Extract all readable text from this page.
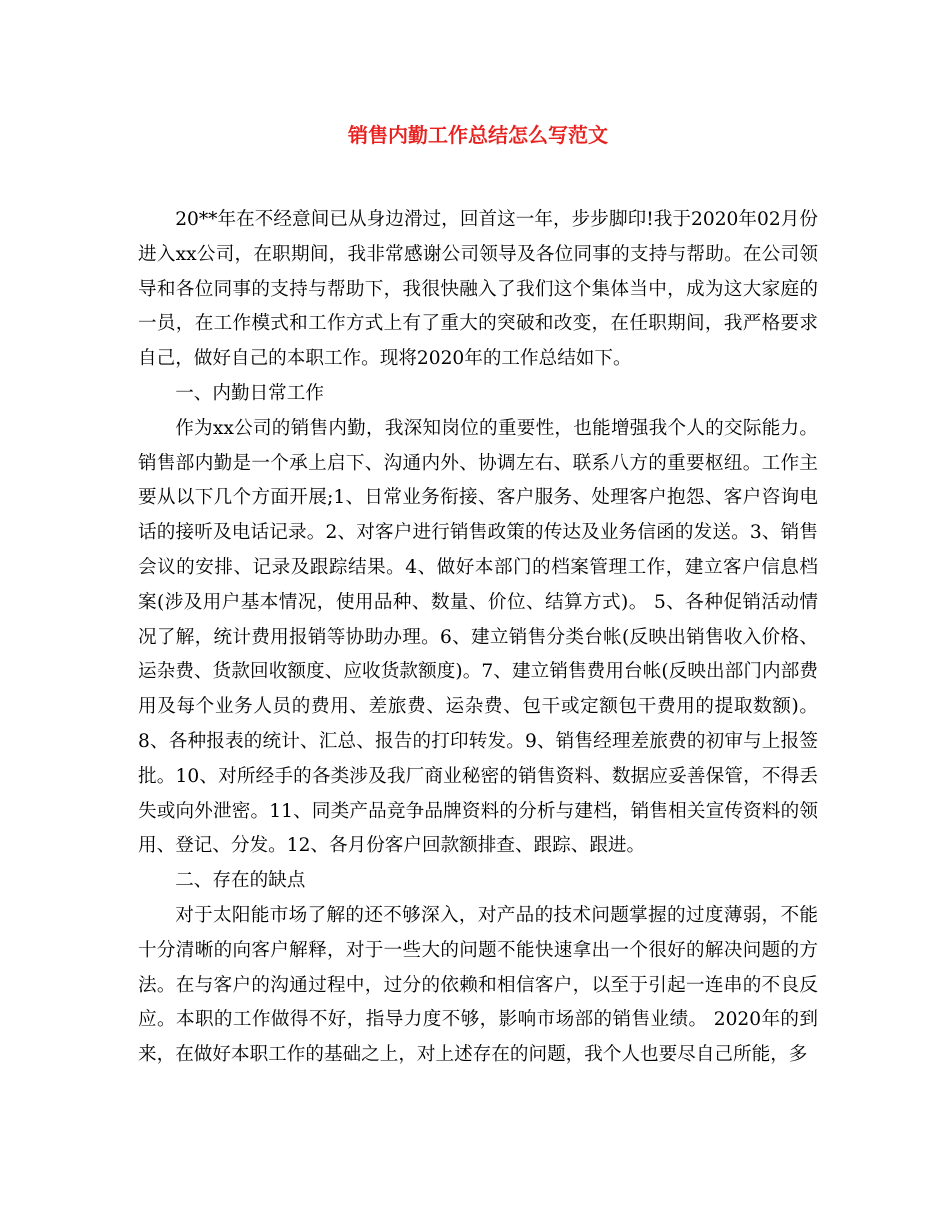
销售内勤工作总结怎么写范文

20**年在不经意间已从身边滑过，回首这一年，步步脚印!我于2020年02月份进入xx公司，在职期间，我非常感谢公司领导及各位同事的支持与帮助。在公司领导和各位同事的支持与帮助下，我很快融入了我们这个集体当中，成为这大家庭的一员，在工作模式和工作方式上有了重大的突破和改变，在任职期间，我严格要求自己，做好自己的本职工作。现将2020年的工作总结如下。

一、内勤日常工作

作为xx公司的销售内勤，我深知岗位的重要性，也能增强我个人的交际能力。销售部内勤是一个承上启下、沟通内外、协调左右、联系八方的重要枢纽。工作主要从以下几个方面开展;1、日常业务衔接、客户服务、处理客户抱怨、客户咨询电话的接听及电话记录。2、对客户进行销售政策的传达及业务信函的发送。3、销售会议的安排、记录及跟踪结果。4、做好本部门的档案管理工作，建立客户信息档案(涉及用户基本情况，使用品种、数量、价位、结算方式)。 5、各种促销活动情况了解，统计费用报销等协助办理。6、建立销售分类台帐(反映出销售收入价格、运杂费、货款回收额度、应收货款额度)。7、建立销售费用台帐(反映出部门内部费用及每个业务人员的费用、差旅费、运杂费、包干或定额包干费用的提取数额)。8、各种报表的统计、汇总、报告的打印转发。9、销售经理差旅费的初审与上报签批。10、对所经手的各类涉及我厂商业秘密的销售资料、数据应妥善保管，不得丢失或向外泄密。11、同类产品竞争品牌资料的分析与建档，销售相关宣传资料的领用、登记、分发。12、各月份客户回款额排查、跟踪、跟进。

二、存在的缺点

对于太阳能市场了解的还不够深入，对产品的技术问题掌握的过度薄弱，不能十分清晰的向客户解释，对于一些大的问题不能快速拿出一个很好的解决问题的方法。在与客户的沟通过程中，过分的依赖和相信客户，以至于引起一连串的不良反应。本职的工作做得不好，指导力度不够，影响市场部的销售业绩。 2020年的到来，在做好本职工作的基础之上，对上述存在的问题，我个人也要尽自己所能，多
